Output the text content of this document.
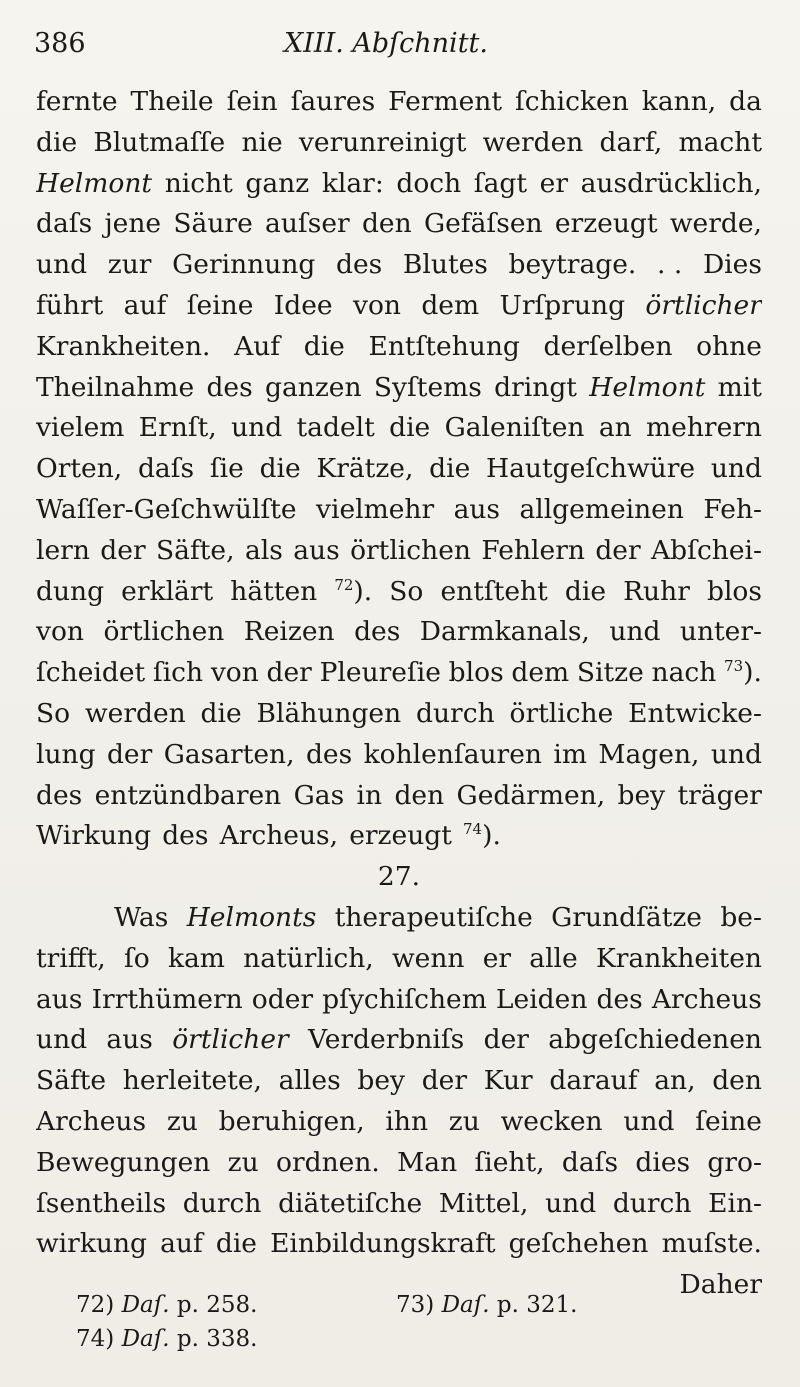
386	XIII. Abſchnitt.
fernte Theile ſein ſaures Ferment ſchicken kann, da
die Blutmaſſe nie verunreinigt werden darf, macht
Helmont nicht ganz klar: doch ſagt er ausdrücklich,
daſs jene Säure auſser den Gefäſsen erzeugt werde,
und zur Gerinnung des Blutes beytrage. . . Dies
führt auf ſeine Idee von dem Urſprung örtlicher
Krankheiten. Auf die Entſtehung derſelben ohne
Theilnahme des ganzen Syſtems dringt Helmont mit
vielem Ernſt, und tadelt die Galeniſten an mehrern
Orten, daſs ſie die Krätze, die Hautgeſchwüre und
Waſſer-Geſchwülſte vielmehr aus allgemeinen Feh-
lern der Säfte, als aus örtlichen Fehlern der Abſchei-
dung erklärt hätten $^{72}$). So entſteht die Ruhr blos
von örtlichen Reizen des Darmkanals, und unter-
ſcheidet ſich von der Pleureſie blos dem Sitze nach $^{73}$).
So werden die Blähungen durch örtliche Entwicke-
lung der Gasarten, des kohlenſauren im Magen, und
des entzündbaren Gas in den Gedärmen, bey träger
Wirkung des Archeus, erzeugt $^{74}$).
27.
Was Helmonts therapeutiſche Grundſätze be-
trifft, ſo kam natürlich, wenn er alle Krankheiten
aus Irrthümern oder pſychiſchem Leiden des Archeus
und aus örtlicher Verderbniſs der abgeſchiedenen
Säfte herleitete, alles bey der Kur darauf an, den
Archeus zu beruhigen, ihn zu wecken und ſeine
Bewegungen zu ordnen. Man ſieht, daſs dies gro-
ſsentheils durch diätetiſche Mittel, und durch Ein-
wirkung auf die Einbildungskraft geſchehen muſste.
Daher
72) Daſ. p. 258.	73) Daſ. p. 321.
74) Daſ. p. 338.
